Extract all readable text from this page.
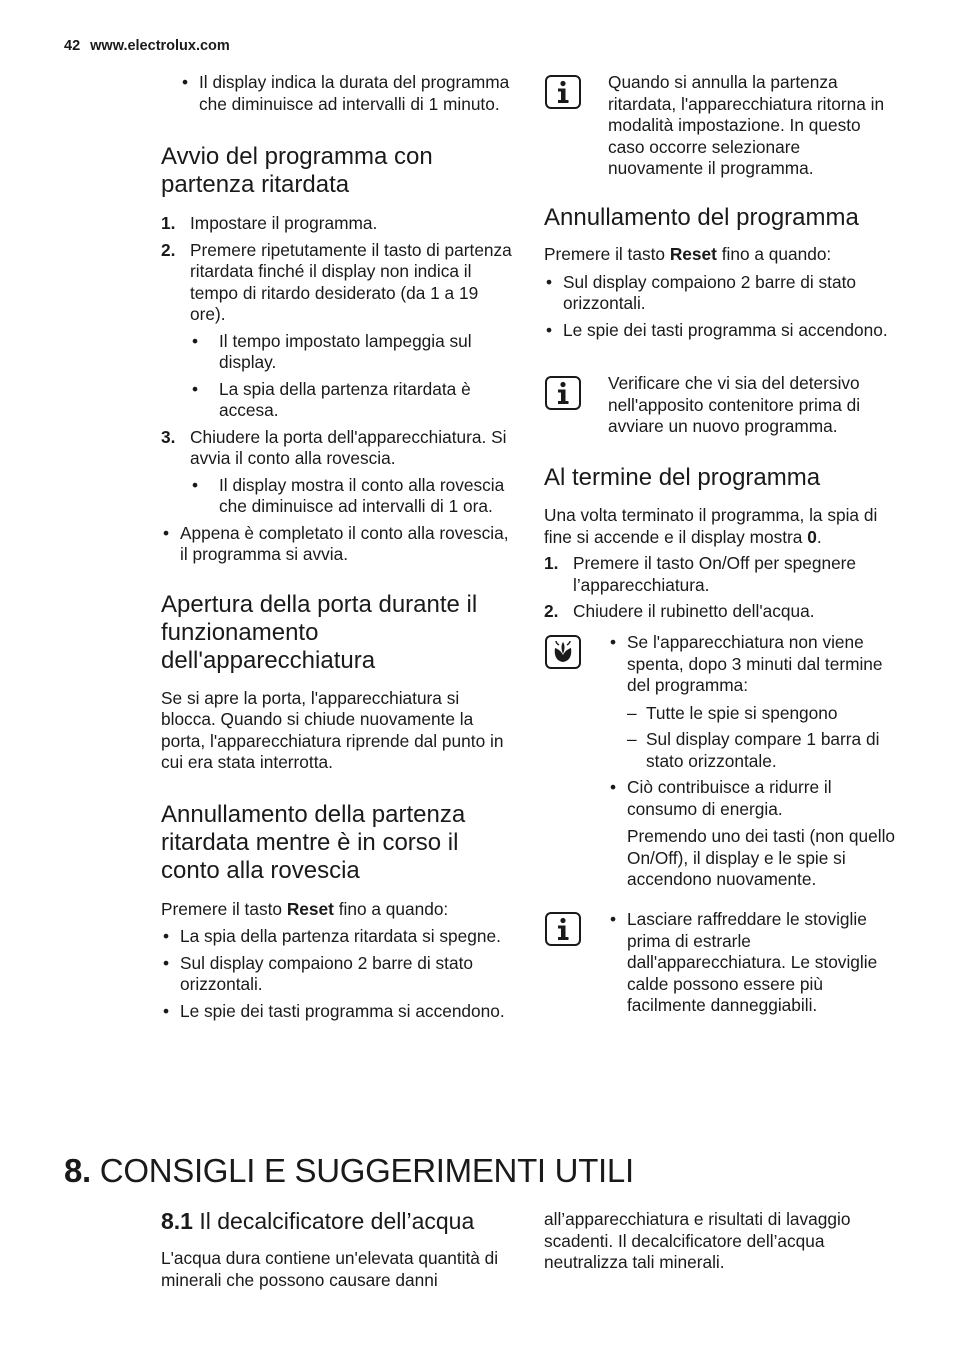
42 www.electrolux.com
• Il display indica la durata del programma che diminuisce ad intervalli di 1 minuto.
Avvio del programma con partenza ritardata
1. Impostare il programma.
2. Premere ripetutamente il tasto di partenza ritardata finché il display non indica il tempo di ritardo desiderato (da 1 a 19 ore).
• Il tempo impostato lampeggia sul display.
• La spia della partenza ritardata è accesa.
3. Chiudere la porta dell'apparecchiatura. Si avvia il conto alla rovescia.
• Il display mostra il conto alla rovescia che diminuisce ad intervalli di 1 ora.
• Appena è completato il conto alla rovescia, il programma si avvia.
Apertura della porta durante il funzionamento dell'apparecchiatura

Se si apre la porta, l'apparecchiatura si blocca. Quando si chiude nuovamente la porta, l'apparecchiatura riprende dal punto in cui era stata interrotta.

Annullamento della partenza ritardata mentre è in corso il conto alla rovescia

Premere il tasto Reset fino a quando:

• La spia della partenza ritardata si spegne.
• Sul display compaiono 2 barre di stato orizzontali.
• Le spie dei tasti programma si accendono.

Quando si annulla la partenza ritardata, l'apparecchiatura ritorna in modalità impostazione. In questo caso occorre selezionare nuovamente il programma.

Annullamento del programma

Premere il tasto Reset fino a quando:

• Sul display compaiono 2 barre di stato orizzontali.
• Le spie dei tasti programma si accendono.

Verificare che vi sia del detersivo nell'apposito contenitore prima di avviare un nuovo programma.

Al termine del programma

Una volta terminato il programma, la spia di fine si accende e il display mostra 0.

1. Premere il tasto On/Off per spegnere l’apparecchiatura.
2. Chiudere il rubinetto dell'acqua.
• Se l'apparecchiatura non viene spenta, dopo 3 minuti dal termine del programma:
– Tutte le spie si spengono
– Sul display compare 1 barra di stato orizzontale.
• Ciò contribuisce a ridurre il consumo di energia.

Premendo uno dei tasti (non quello On/Off), il display e le spie si accendono nuovamente.

• Lasciare raffreddare le stoviglie prima di estrarle dall'apparecchiatura. Le stoviglie calde possono essere più facilmente danneggiabili.
8. CONSIGLI E SUGGERIMENTI UTILI
8.1 Il decalcificatore dell’acqua

L'acqua dura contiene un'elevata quantità di minerali che possono causare danni

all’apparecchiatura e risultati di lavaggio scadenti. Il decalcificatore dell’acqua neutralizza tali minerali.
